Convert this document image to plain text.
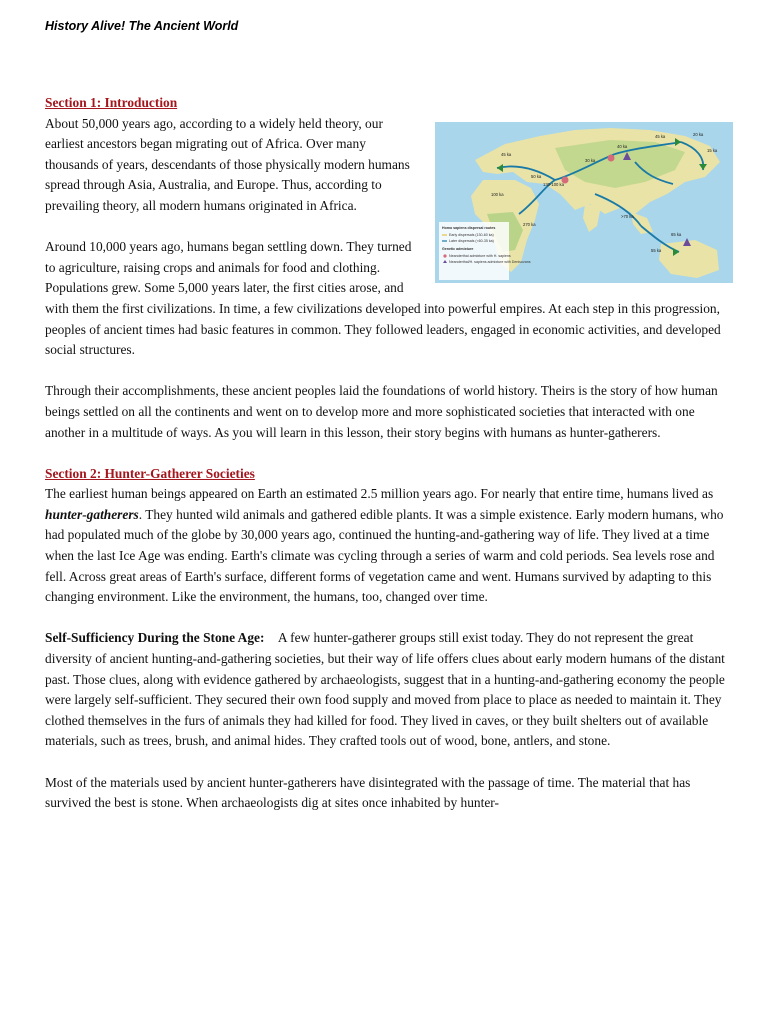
History Alive! The Ancient World
Section 1: Introduction
Homo sapiens dispersal routes
Early dispersals (130-60 ka)
Later dispersals (<60-35 ka)
Genetic admixture
Neanderthal admixture with H. sapiens
Neanderthal/H. sapiens admixture with Denisovans
45 ka
40 ka
45 ka
50 ka
100 ka
130-100 ka
270 ka
>70 ka
65 ka
55 ka
20 ka
15 ka
30 ka

About 50,000 years ago, according to a widely held theory, our earliest ancestors began migrating out of Africa. Over many thousands of years, descendants of those physically modern humans spread through Asia, Australia, and Europe. Thus, according to prevailing theory, all modern humans originated in Africa.

Around 10,000 years ago, humans began settling down. They turned to agriculture, raising crops and animals for food and clothing. Populations grew. Some 5,000 years later, the first cities arose, and with them the first civilizations. In time, a few civilizations developed into powerful empires. At each step in this progression, peoples of ancient times had basic features in common. They followed leaders, engaged in economic activities, and developed social structures.

Through their accomplishments, these ancient peoples laid the foundations of world history. Theirs is the story of how human beings settled on all the continents and went on to develop more and more sophisticated societies that interacted with one another in a multitude of ways. As you will learn in this lesson, their story begins with humans as hunter-gatherers.

Section 2: Hunter-Gatherer Societies

The earliest human beings appeared on Earth an estimated 2.5 million years ago. For nearly that entire time, humans lived as hunter-gatherers. They hunted wild animals and gathered edible plants. It was a simple existence. Early modern humans, who had populated much of the globe by 30,000 years ago, continued the hunting-and-gathering way of life. They lived at a time when the last Ice Age was ending. Earth's climate was cycling through a series of warm and cold periods. Sea levels rose and fell. Across great areas of Earth's surface, different forms of vegetation came and went. Humans survived by adapting to this changing environment. Like the environment, the humans, too, changed over time.

Self-Sufficiency During the Stone Age: A few hunter-gatherer groups still exist today. They do not represent the great diversity of ancient hunting-and-gathering societies, but their way of life offers clues about early modern humans of the distant past. Those clues, along with evidence gathered by archaeologists, suggest that in a hunting-and-gathering economy the people were largely self-sufficient. They secured their own food supply and moved from place to place as needed to maintain it. They clothed themselves in the furs of animals they had killed for food. They lived in caves, or they built shelters out of available materials, such as trees, brush, and animal hides. They crafted tools out of wood, bone, antlers, and stone.

Most of the materials used by ancient hunter-gatherers have disintegrated with the passage of time. The material that has survived the best is stone. When archaeologists dig at sites once inhabited by hunter-
